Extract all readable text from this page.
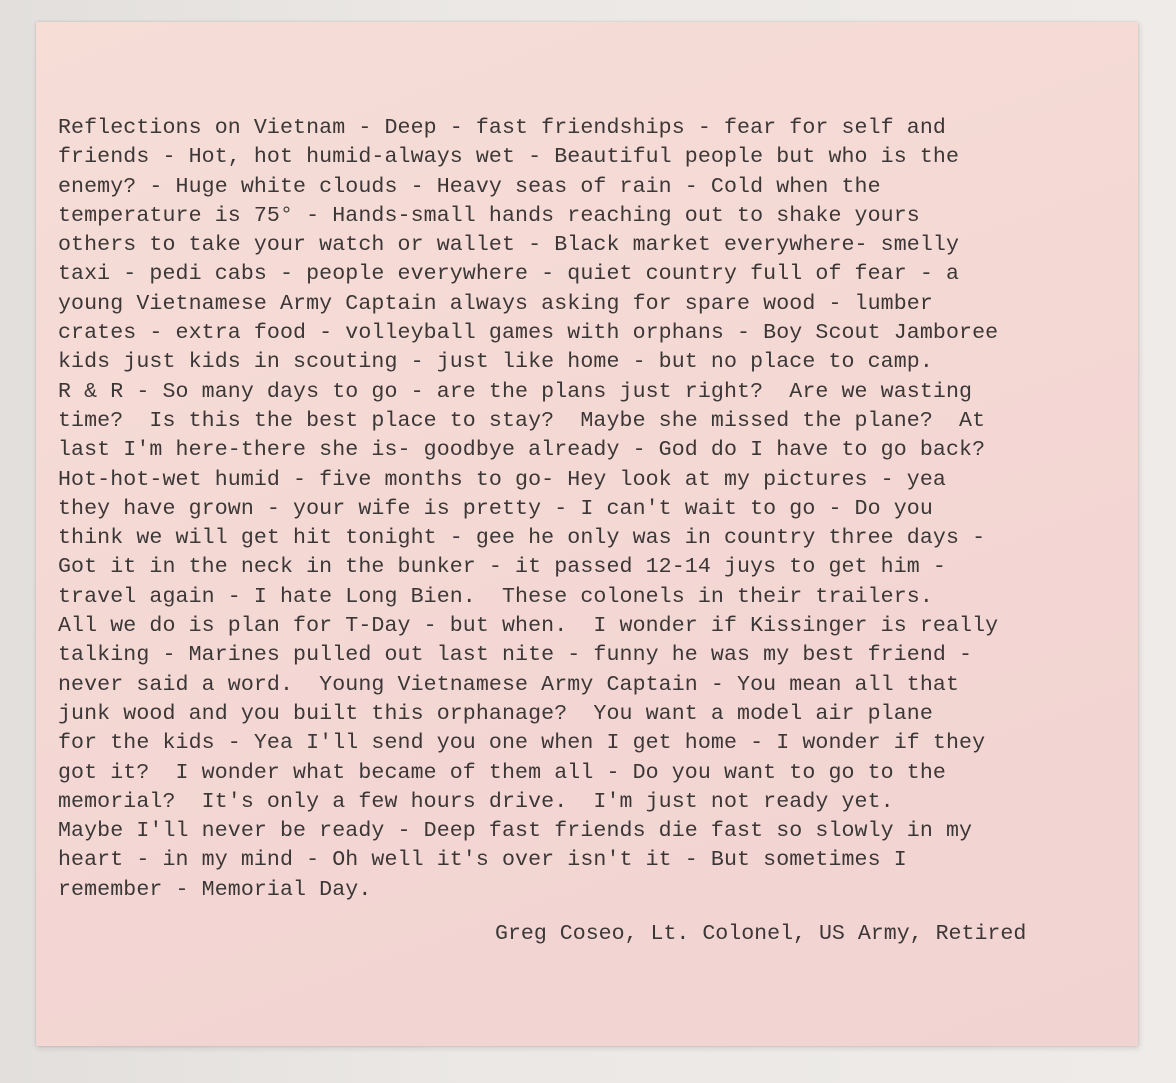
Reflections on Vietnam - Deep - fast friendships - fear for self and
friends - Hot, hot humid-always wet - Beautiful people but who is the
enemy? - Huge white clouds - Heavy seas of rain - Cold when the
temperature is 75° - Hands-small hands reaching out to shake yours
others to take your watch or wallet - Black market everywhere- smelly
taxi - pedi cabs - people everywhere - quiet country full of fear - a
young Vietnamese Army Captain always asking for spare wood - lumber
crates - extra food - volleyball games with orphans - Boy Scout Jamboree
kids just kids in scouting - just like home - but no place to camp.
R & R - So many days to go - are the plans just right?  Are we wasting
time?  Is this the best place to stay?  Maybe she missed the plane?  At
last I'm here-there she is- goodbye already - God do I have to go back?
Hot-hot-wet humid - five months to go- Hey look at my pictures - yea
they have grown - your wife is pretty - I can't wait to go - Do you
think we will get hit tonight - gee he only was in country three days -
Got it in the neck in the bunker - it passed 12-14 juys to get him -
travel again - I hate Long Bien.  These colonels in their trailers.
All we do is plan for T-Day - but when.  I wonder if Kissinger is really
talking - Marines pulled out last nite - funny he was my best friend -
never said a word.  Young Vietnamese Army Captain - You mean all that
junk wood and you built this orphanage?  You want a model air plane
for the kids - Yea I'll send you one when I get home - I wonder if they
got it?  I wonder what became of them all - Do you want to go to the
memorial?  It's only a few hours drive.  I'm just not ready yet.
Maybe I'll never be ready - Deep fast friends die fast so slowly in my
heart - in my mind - Oh well it's over isn't it - But sometimes I
remember - Memorial Day.
Greg Coseo, Lt. Colonel, US Army, Retired
